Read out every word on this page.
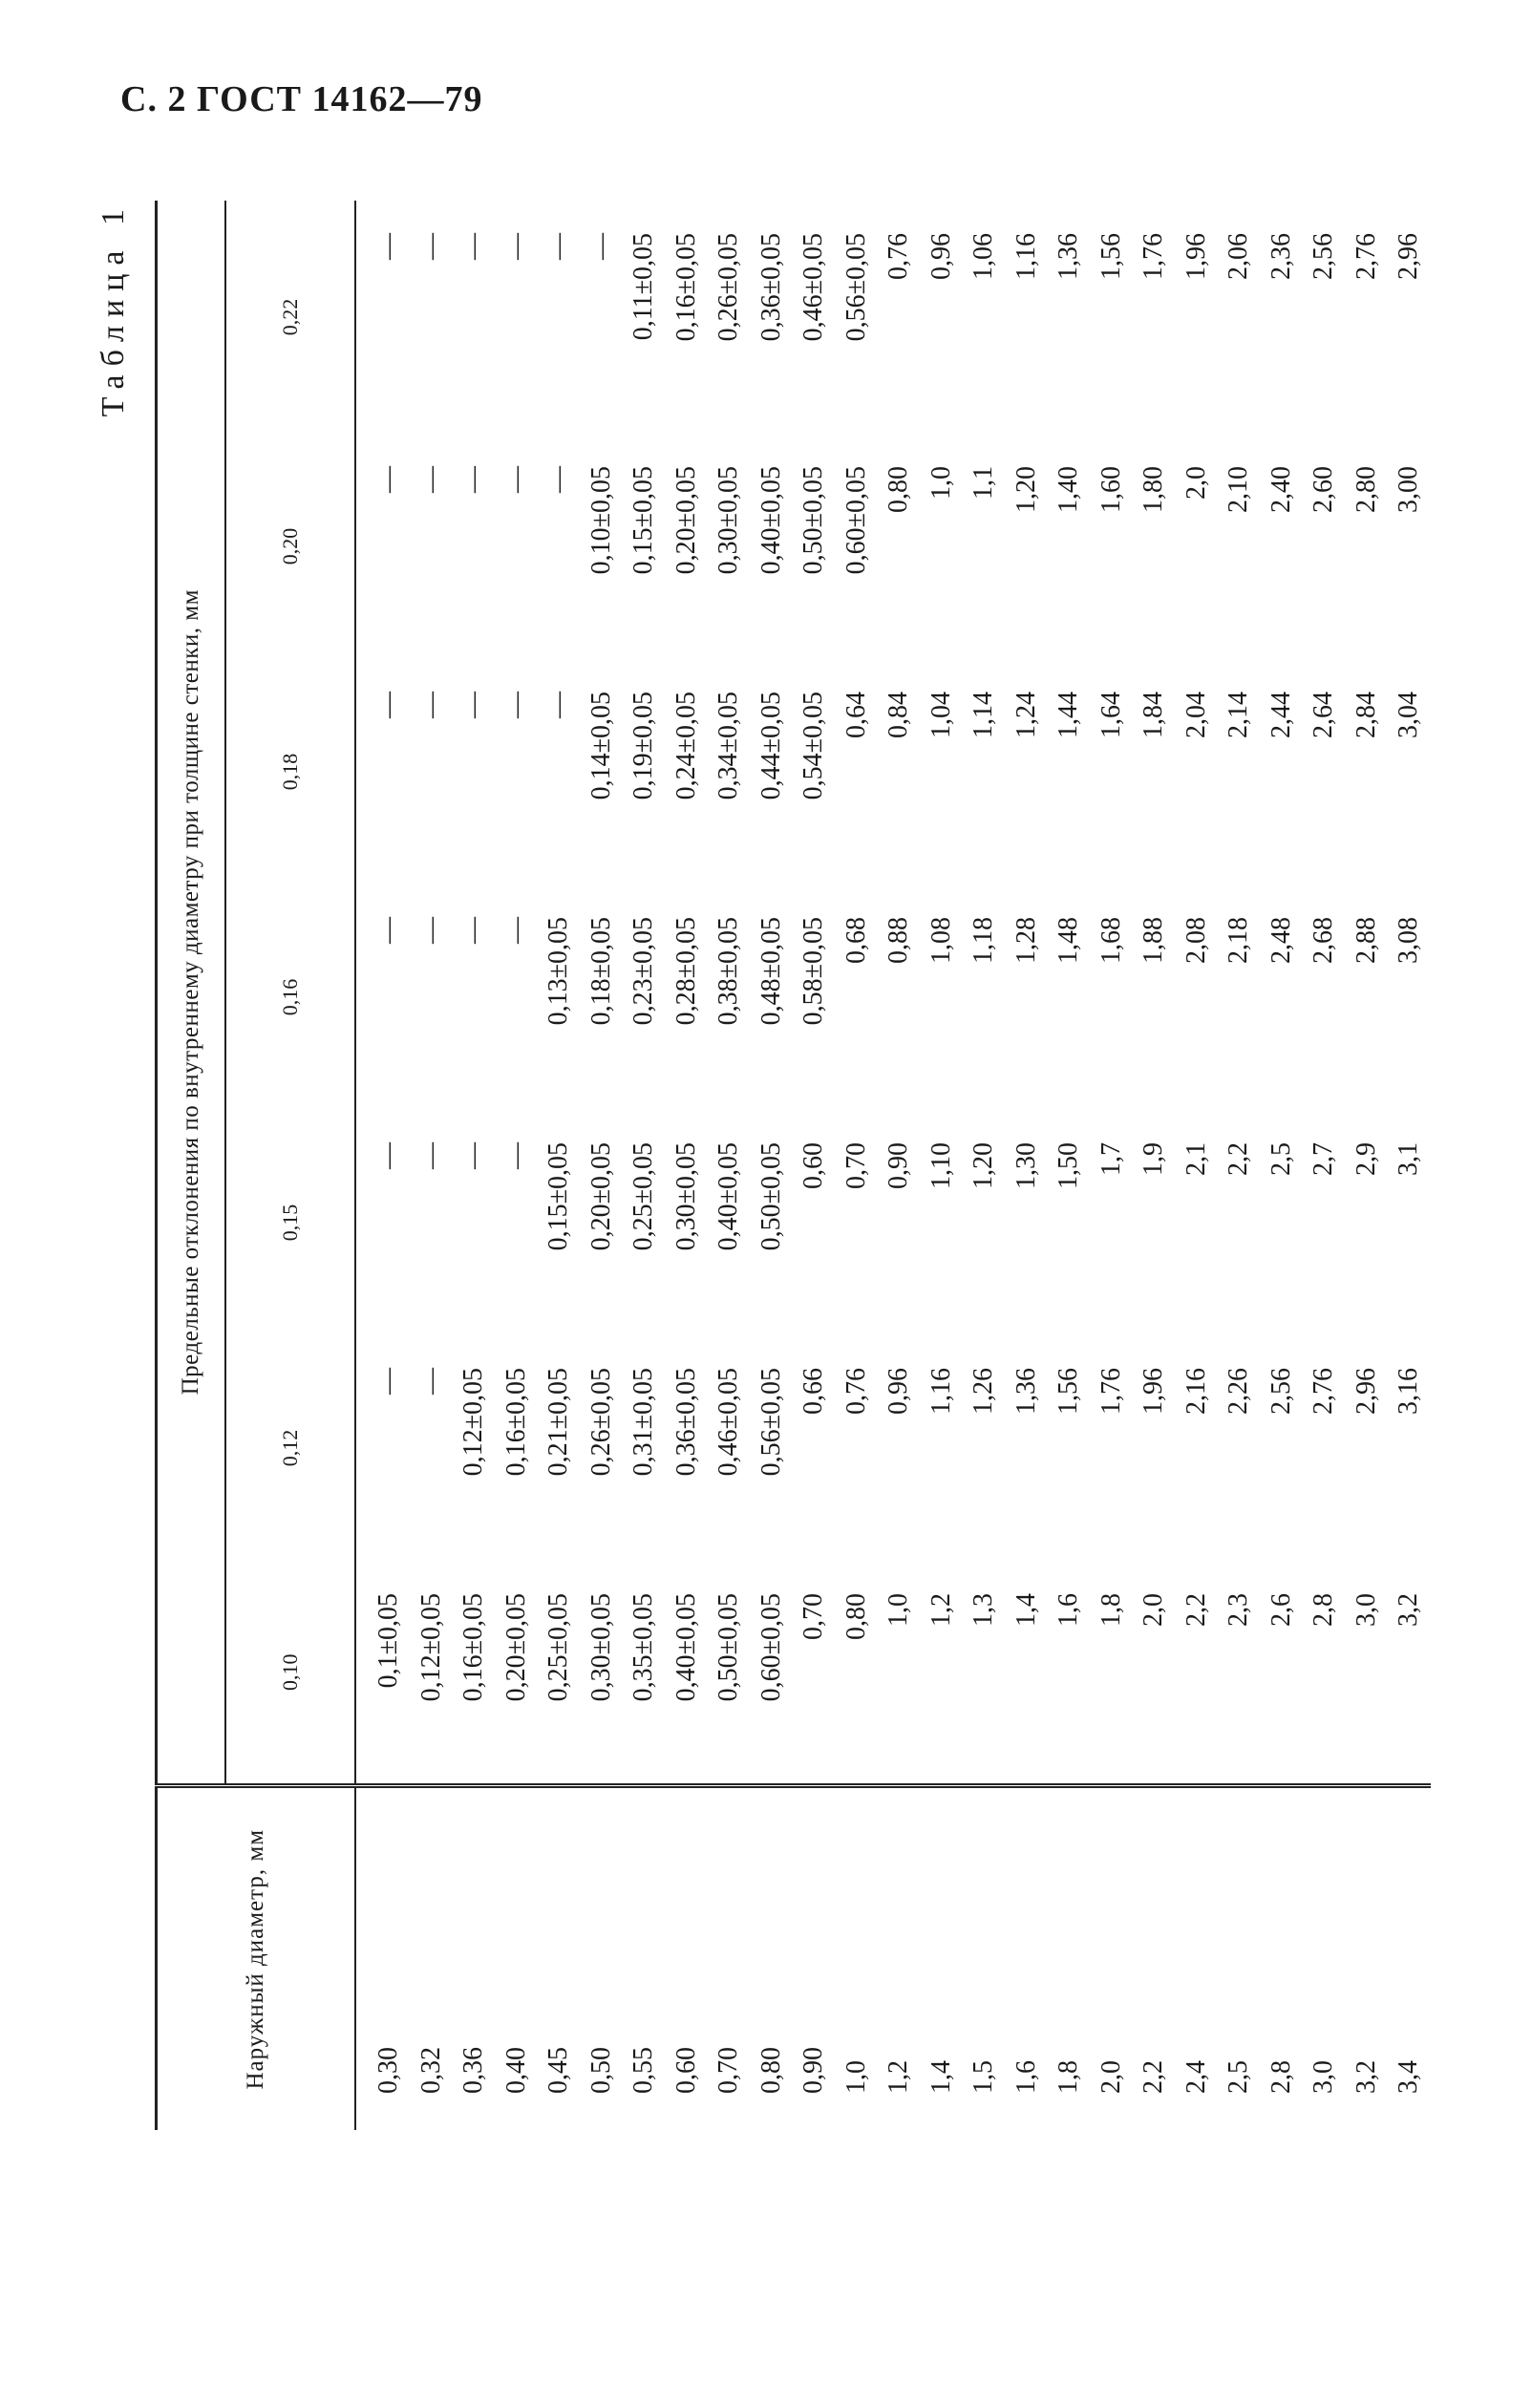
С. 2 ГОСТ 14162—79
Таблица 1
Наружный диаметр, мм	Предельные отклонения по внутреннему диаметру при толщине стенки, мм						
	0,10	0,12	0,15	0,16	0,18	0,20	0,22
0,30	0,1±0,05	—	—	—	—	—	—
0,32	0,12±0,05	—	—	—	—	—	—
0,36	0,16±0,05	0,12±0,05	—	—	—	—	—
0,40	0,20±0,05	0,16±0,05	—	—	—	—	—
0,45	0,25±0,05	0,21±0,05	0,15±0,05	0,13±0,05	—	—	—
0,50	0,30±0,05	0,26±0,05	0,20±0,05	0,18±0,05	0,14±0,05	0,10±0,05	—
0,55	0,35±0,05	0,31±0,05	0,25±0,05	0,23±0,05	0,19±0,05	0,15±0,05	0,11±0,05
0,60	0,40±0,05	0,36±0,05	0,30±0,05	0,28±0,05	0,24±0,05	0,20±0,05	0,16±0,05
0,70	0,50±0,05	0,46±0,05	0,40±0,05	0,38±0,05	0,34±0,05	0,30±0,05	0,26±0,05
0,80	0,60±0,05	0,56±0,05	0,50±0,05	0,48±0,05	0,44±0,05	0,40±0,05	0,36±0,05
0,90	0,70	0,66	0,60	0,58±0,05	0,54±0,05	0,50±0,05	0,46±0,05
1,0	0,80	0,76	0,70	0,68	0,64	0,60±0,05	0,56±0,05
1,2	1,0	0,96	0,90	0,88	0,84	0,80	0,76
1,4	1,2	1,16	1,10	1,08	1,04	1,0	0,96
1,5	1,3	1,26	1,20	1,18	1,14	1,1	1,06
1,6	1,4	1,36	1,30	1,28	1,24	1,20	1,16
1,8	1,6	1,56	1,50	1,48	1,44	1,40	1,36
2,0	1,8	1,76	1,7	1,68	1,64	1,60	1,56
2,2	2,0	1,96	1,9	1,88	1,84	1,80	1,76
2,4	2,2	2,16	2,1	2,08	2,04	2,0	1,96
2,5	2,3	2,26	2,2	2,18	2,14	2,10	2,06
2,8	2,6	2,56	2,5	2,48	2,44	2,40	2,36
3,0	2,8	2,76	2,7	2,68	2,64	2,60	2,56
3,2	3,0	2,96	2,9	2,88	2,84	2,80	2,76
3,4	3,2	3,16	3,1	3,08	3,04	3,00	2,96
